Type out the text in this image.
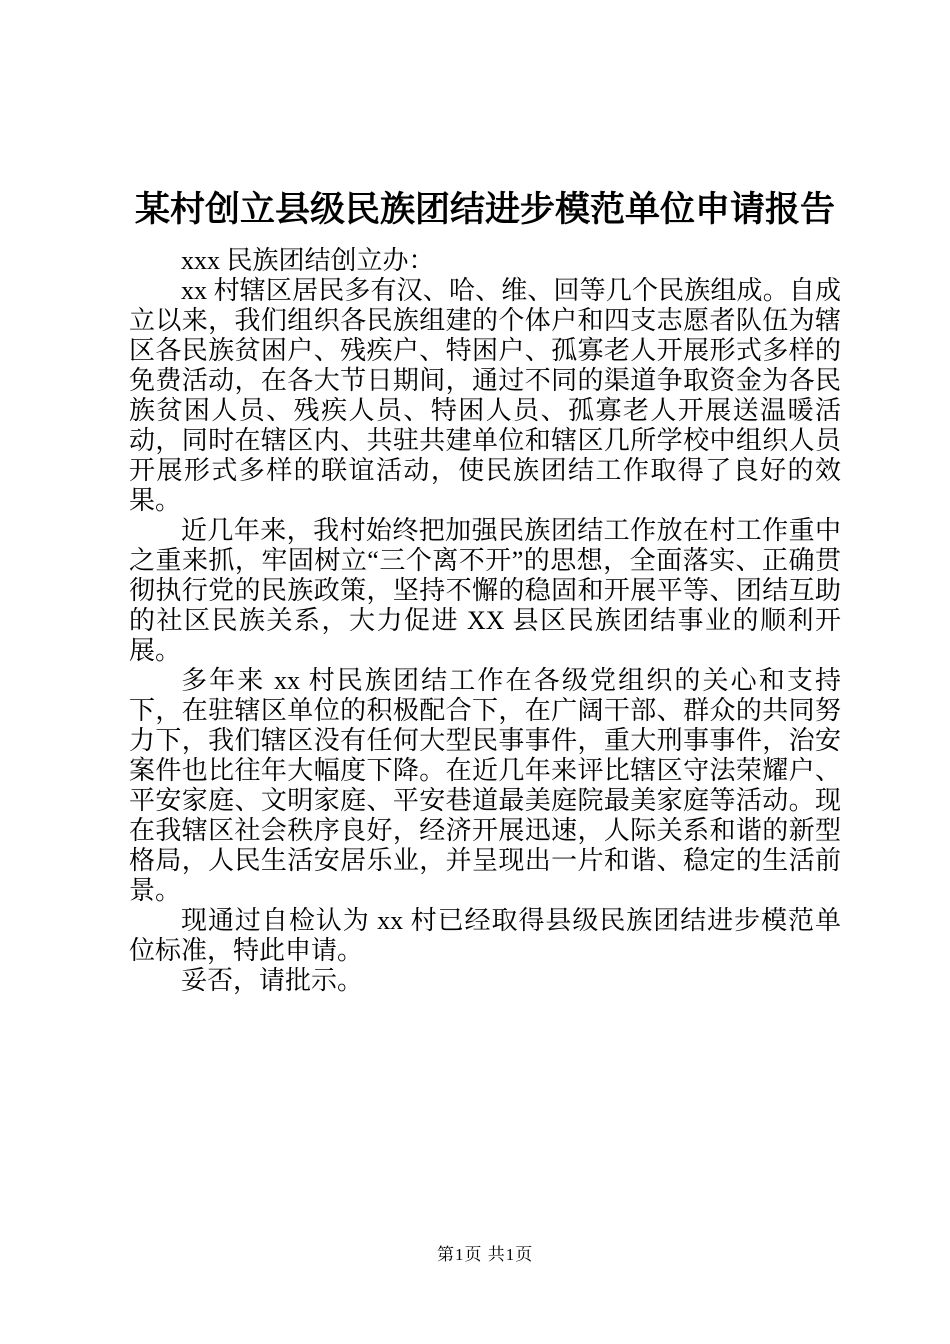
某村创立县级民族团结进步模范单位申请报告

xxx 民族团结创立办：

xx 村辖区居民多有汉、哈、维、回等几个民族组成。自成立以来，我们组织各民族组建的个体户和四支志愿者队伍为辖区各民族贫困户、残疾户、特困户、孤寡老人开展形式多样的免费活动，在各大节日期间，通过不同的渠道争取资金为各民族贫困人员、残疾人员、特困人员、孤寡老人开展送温暖活动，同时在辖区内、共驻共建单位和辖区几所学校中组织人员开展形式多样的联谊活动，使民族团结工作取得了良好的效果。

近几年来，我村始终把加强民族团结工作放在村工作重中之重来抓，牢固树立“三个离不开”的思想，全面落实、正确贯彻执行党的民族政策，坚持不懈的稳固和开展平等、团结互助的社区民族关系，大力促进 XX 县区民族团结事业的顺利开展。

多年来 xx 村民族团结工作在各级党组织的关心和支持下，在驻辖区单位的积极配合下，在广阔干部、群众的共同努力下，我们辖区没有任何大型民事事件，重大刑事事件，治安案件也比往年大幅度下降。在近几年来评比辖区守法荣耀户、平安家庭、文明家庭、平安巷道最美庭院最美家庭等活动。现在我辖区社会秩序良好，经济开展迅速，人际关系和谐的新型格局，人民生活安居乐业，并呈现出一片和谐、稳定的生活前景。

现通过自检认为 xx 村已经取得县级民族团结进步模范单位标准，特此申请。

妥否，请批示。

第1页 共1页
